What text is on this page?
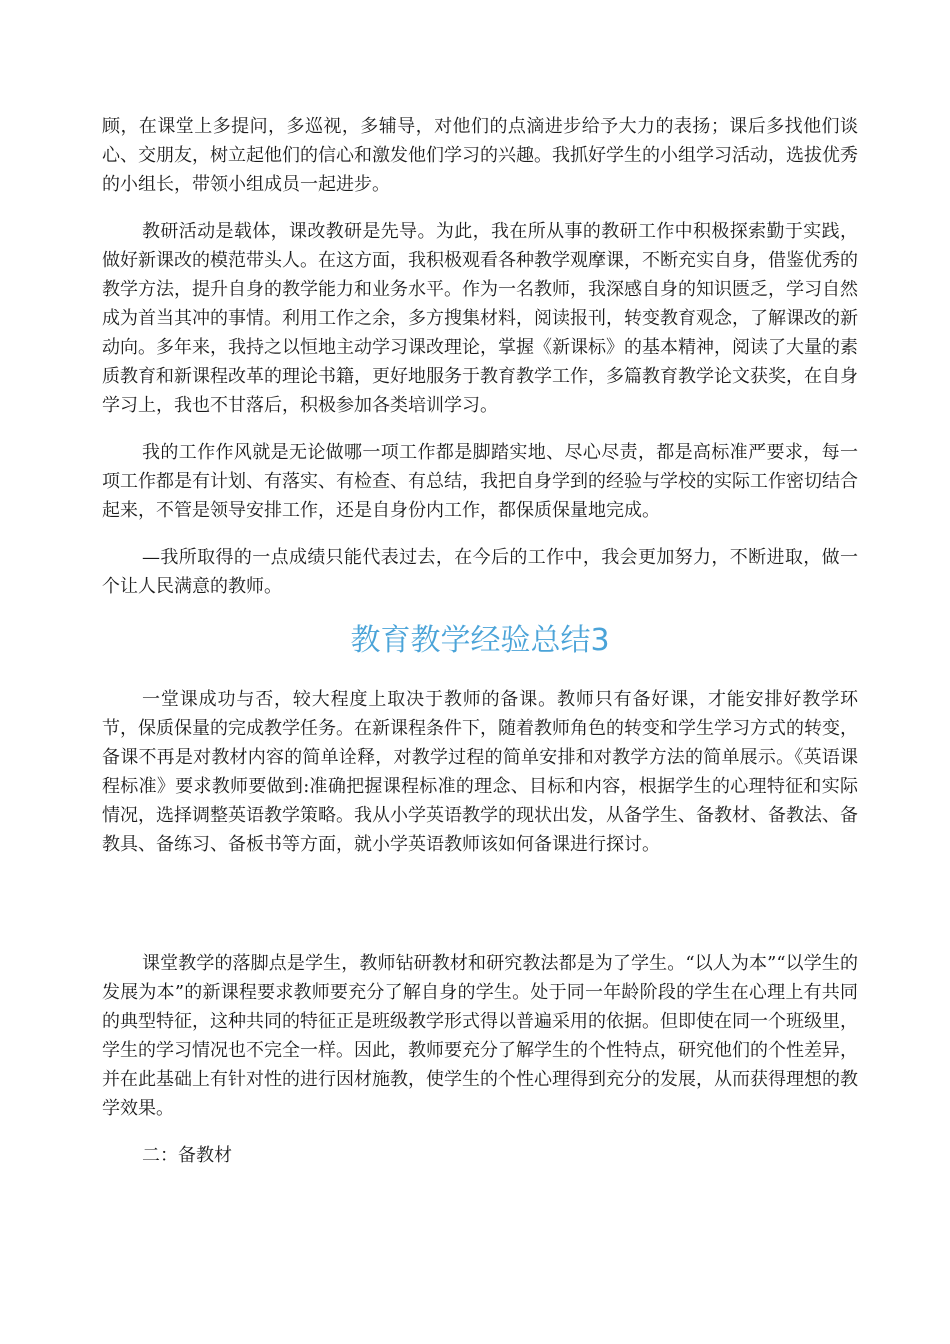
顾，在课堂上多提问，多巡视，多辅导，对他们的点滴进步给予大力的表扬；课后多找他们谈心、交朋友，树立起他们的信心和激发他们学习的兴趣。我抓好学生的小组学习活动，选拔优秀的小组长，带领小组成员一起进步。

教研活动是载体，课改教研是先导。为此，我在所从事的教研工作中积极探索勤于实践，做好新课改的模范带头人。在这方面，我积极观看各种教学观摩课，不断充实自身，借鉴优秀的教学方法，提升自身的教学能力和业务水平。作为一名教师，我深感自身的知识匮乏，学习自然成为首当其冲的事情。利用工作之余，多方搜集材料，阅读报刊，转变教育观念，了解课改的新动向。多年来，我持之以恒地主动学习课改理论，掌握《新课标》的基本精神，阅读了大量的素质教育和新课程改革的理论书籍，更好地服务于教育教学工作，多篇教育教学论文获奖，在自身学习上，我也不甘落后，积极参加各类培训学习。

我的工作作风就是无论做哪一项工作都是脚踏实地、尽心尽责，都是高标准严要求，每一项工作都是有计划、有落实、有检查、有总结，我把自身学到的经验与学校的实际工作密切结合起来，不管是领导安排工作，还是自身份内工作，都保质保量地完成。

—我所取得的一点成绩只能代表过去，在今后的工作中，我会更加努力，不断进取，做一个让人民满意的教师。

教育教学经验总结3

一堂课成功与否，较大程度上取决于教师的备课。教师只有备好课，才能安排好教学环节，保质保量的完成教学任务。在新课程条件下，随着教师角色的转变和学生学习方式的转变，备课不再是对教材内容的简单诠释，对教学过程的简单安排和对教学方法的简单展示。《英语课程标准》要求教师要做到:准确把握课程标准的理念、目标和内容，根据学生的心理特征和实际情况，选择调整英语教学策略。我从小学英语教学的现状出发，从备学生、备教材、备教法、备教具、备练习、备板书等方面，就小学英语教师该如何备课进行探讨。

课堂教学的落脚点是学生，教师钻研教材和研究教法都是为了学生。“以人为本”“以学生的发展为本”的新课程要求教师要充分了解自身的学生。处于同一年龄阶段的学生在心理上有共同的典型特征，这种共同的特征正是班级教学形式得以普遍采用的依据。但即使在同一个班级里，学生的学习情况也不完全一样。因此，教师要充分了解学生的个性特点，研究他们的个性差异，并在此基础上有针对性的进行因材施教，使学生的个性心理得到充分的发展，从而获得理想的教学效果。

二：备教材
